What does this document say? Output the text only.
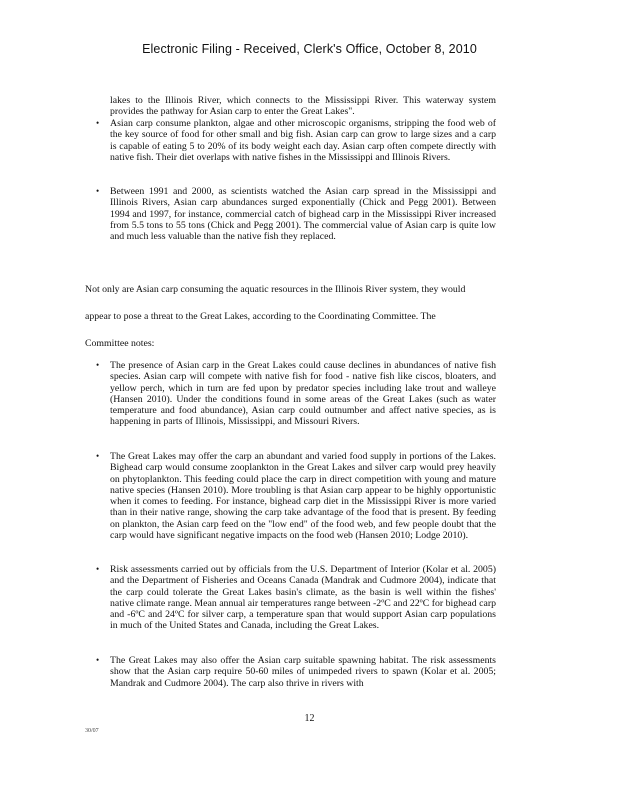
Electronic Filing - Received, Clerk's Office, October 8, 2010
lakes to the Illinois River, which connects to the Mississippi River. This waterway system provides the pathway for Asian carp to enter the Great Lakes".
• Asian carp consume plankton, algae and other microscopic organisms, stripping the food web of the key source of food for other small and big fish. Asian carp can grow to large sizes and a carp is capable of eating 5 to 20% of its body weight each day. Asian carp often compete directly with native fish. Their diet overlaps with native fishes in the Mississippi and Illinois Rivers.
• Between 1991 and 2000, as scientists watched the Asian carp spread in the Mississippi and Illinois Rivers, Asian carp abundances surged exponentially (Chick and Pegg 2001). Between 1994 and 1997, for instance, commercial catch of bighead carp in the Mississippi River increased from 5.5 tons to 55 tons (Chick and Pegg 2001). The commercial value of Asian carp is quite low and much less valuable than the native fish they replaced.
Not only are Asian carp consuming the aquatic resources in the Illinois River system, they would
appear to pose a threat to the Great Lakes, according to the Coordinating Committee. The
Committee notes:
• The presence of Asian carp in the Great Lakes could cause declines in abundances of native fish species. Asian carp will compete with native fish for food - native fish like ciscos, bloaters, and yellow perch, which in turn are fed upon by predator species including lake trout and walleye (Hansen 2010). Under the conditions found in some areas of the Great Lakes (such as water temperature and food abundance), Asian carp could outnumber and affect native species, as is happening in parts of Illinois, Mississippi, and Missouri Rivers.
• The Great Lakes may offer the carp an abundant and varied food supply in portions of the Lakes. Bighead carp would consume zooplankton in the Great Lakes and silver carp would prey heavily on phytoplankton. This feeding could place the carp in direct competition with young and mature native species (Hansen 2010). More troubling is that Asian carp appear to be highly opportunistic when it comes to feeding. For instance, bighead carp diet in the Mississippi River is more varied than in their native range, showing the carp take advantage of the food that is present. By feeding on plankton, the Asian carp feed on the "low end" of the food web, and few people doubt that the carp would have significant negative impacts on the food web (Hansen 2010; Lodge 2010).
• Risk assessments carried out by officials from the U.S. Department of Interior (Kolar et al. 2005) and the Department of Fisheries and Oceans Canada (Mandrak and Cudmore 2004), indicate that the carp could tolerate the Great Lakes basin's climate, as the basin is well within the fishes' native climate range. Mean annual air temperatures range between -2ºC and 22ºC for bighead carp and -6ºC and 24ºC for silver carp, a temperature span that would support Asian carp populations in much of the United States and Canada, including the Great Lakes.
• The Great Lakes may also offer the Asian carp suitable spawning habitat. The risk assessments show that the Asian carp require 50-60 miles of unimpeded rivers to spawn (Kolar et al. 2005; Mandrak and Cudmore 2004). The carp also thrive in rivers with
12
30/07
